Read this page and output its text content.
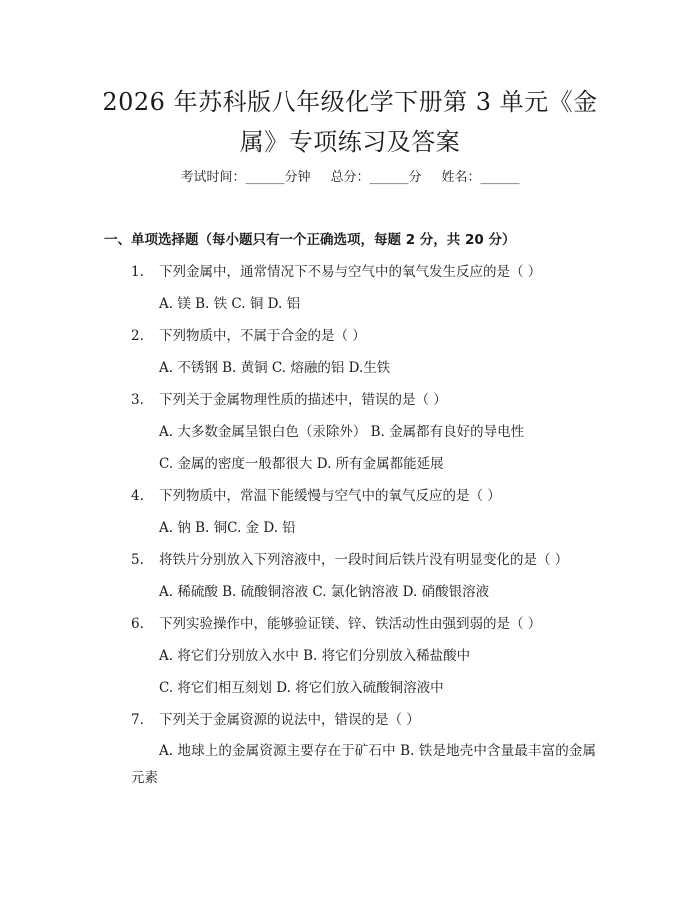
2026 年苏科版八年级化学下册第 3 单元《金
属》专项练习及答案
考试时间：______分钟 总分：______分 姓名：______
一、单项选择题（每小题只有一个正确选项，每题 2 分，共 20 分）
1. 下列金属中，通常情况下不易与空气中的氧气发生反应的是（ ）
A. 镁 B. 铁 C. 铜 D. 铝
2. 下列物质中，不属于合金的是（ ）
A. 不锈钢 B. 黄铜 C. 熔融的铝 D.生铁
3. 下列关于金属物理性质的描述中，错误的是（ ）
A. 大多数金属呈银白色（汞除外） B. 金属都有良好的导电性
C. 金属的密度一般都很大 D. 所有金属都能延展
4. 下列物质中，常温下能缓慢与空气中的氧气反应的是（ ）
A. 钠 B. 铜C. 金 D. 铅
5. 将铁片分别放入下列溶液中，一段时间后铁片没有明显变化的是（ ）
A. 稀硫酸 B. 硫酸铜溶液 C. 氯化钠溶液 D. 硝酸银溶液
6. 下列实验操作中，能够验证镁、锌、铁活动性由强到弱的是（ ）
A. 将它们分别放入水中 B. 将它们分别放入稀盐酸中
C. 将它们相互刻划 D. 将它们放入硫酸铜溶液中
7. 下列关于金属资源的说法中，错误的是（ ）
A. 地球上的金属资源主要存在于矿石中 B. 铁是地壳中含量最丰富的金属元素
